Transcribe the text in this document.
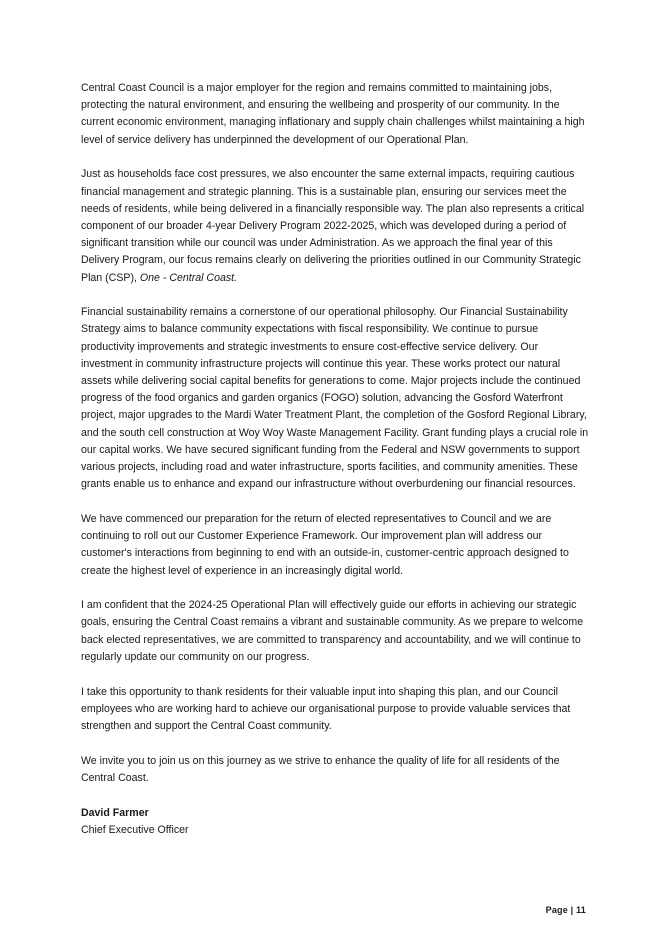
Central Coast Council is a major employer for the region and remains committed to maintaining jobs, protecting the natural environment, and ensuring the wellbeing and prosperity of our community. In the current economic environment, managing inflationary and supply chain challenges whilst maintaining a high level of service delivery has underpinned the development of our Operational Plan.

Just as households face cost pressures, we also encounter the same external impacts, requiring cautious financial management and strategic planning. This is a sustainable plan, ensuring our services meet the needs of residents, while being delivered in a financially responsible way. The plan also represents a critical component of our broader 4-year Delivery Program 2022-2025, which was developed during a period of significant transition while our council was under Administration. As we approach the final year of this Delivery Program, our focus remains clearly on delivering the priorities outlined in our Community Strategic Plan (CSP), One - Central Coast.

Financial sustainability remains a cornerstone of our operational philosophy. Our Financial Sustainability Strategy aims to balance community expectations with fiscal responsibility. We continue to pursue productivity improvements and strategic investments to ensure cost-effective service delivery. Our investment in community infrastructure projects will continue this year. These works protect our natural assets while delivering social capital benefits for generations to come. Major projects include the continued progress of the food organics and garden organics (FOGO) solution, advancing the Gosford Waterfront project, major upgrades to the Mardi Water Treatment Plant, the completion of the Gosford Regional Library, and the south cell construction at Woy Woy Waste Management Facility. Grant funding plays a crucial role in our capital works. We have secured significant funding from the Federal and NSW governments to support various projects, including road and water infrastructure, sports facilities, and community amenities. These grants enable us to enhance and expand our infrastructure without overburdening our financial resources.

We have commenced our preparation for the return of elected representatives to Council and we are continuing to roll out our Customer Experience Framework. Our improvement plan will address our customer's interactions from beginning to end with an outside-in, customer-centric approach designed to create the highest level of experience in an increasingly digital world.

I am confident that the 2024-25 Operational Plan will effectively guide our efforts in achieving our strategic goals, ensuring the Central Coast remains a vibrant and sustainable community. As we prepare to welcome back elected representatives, we are committed to transparency and accountability, and we will continue to regularly update our community on our progress.

I take this opportunity to thank residents for their valuable input into shaping this plan, and our Council employees who are working hard to achieve our organisational purpose to provide valuable services that strengthen and support the Central Coast community.

We invite you to join us on this journey as we strive to enhance the quality of life for all residents of the Central Coast.

David Farmer
Chief Executive Officer
Page | 11
